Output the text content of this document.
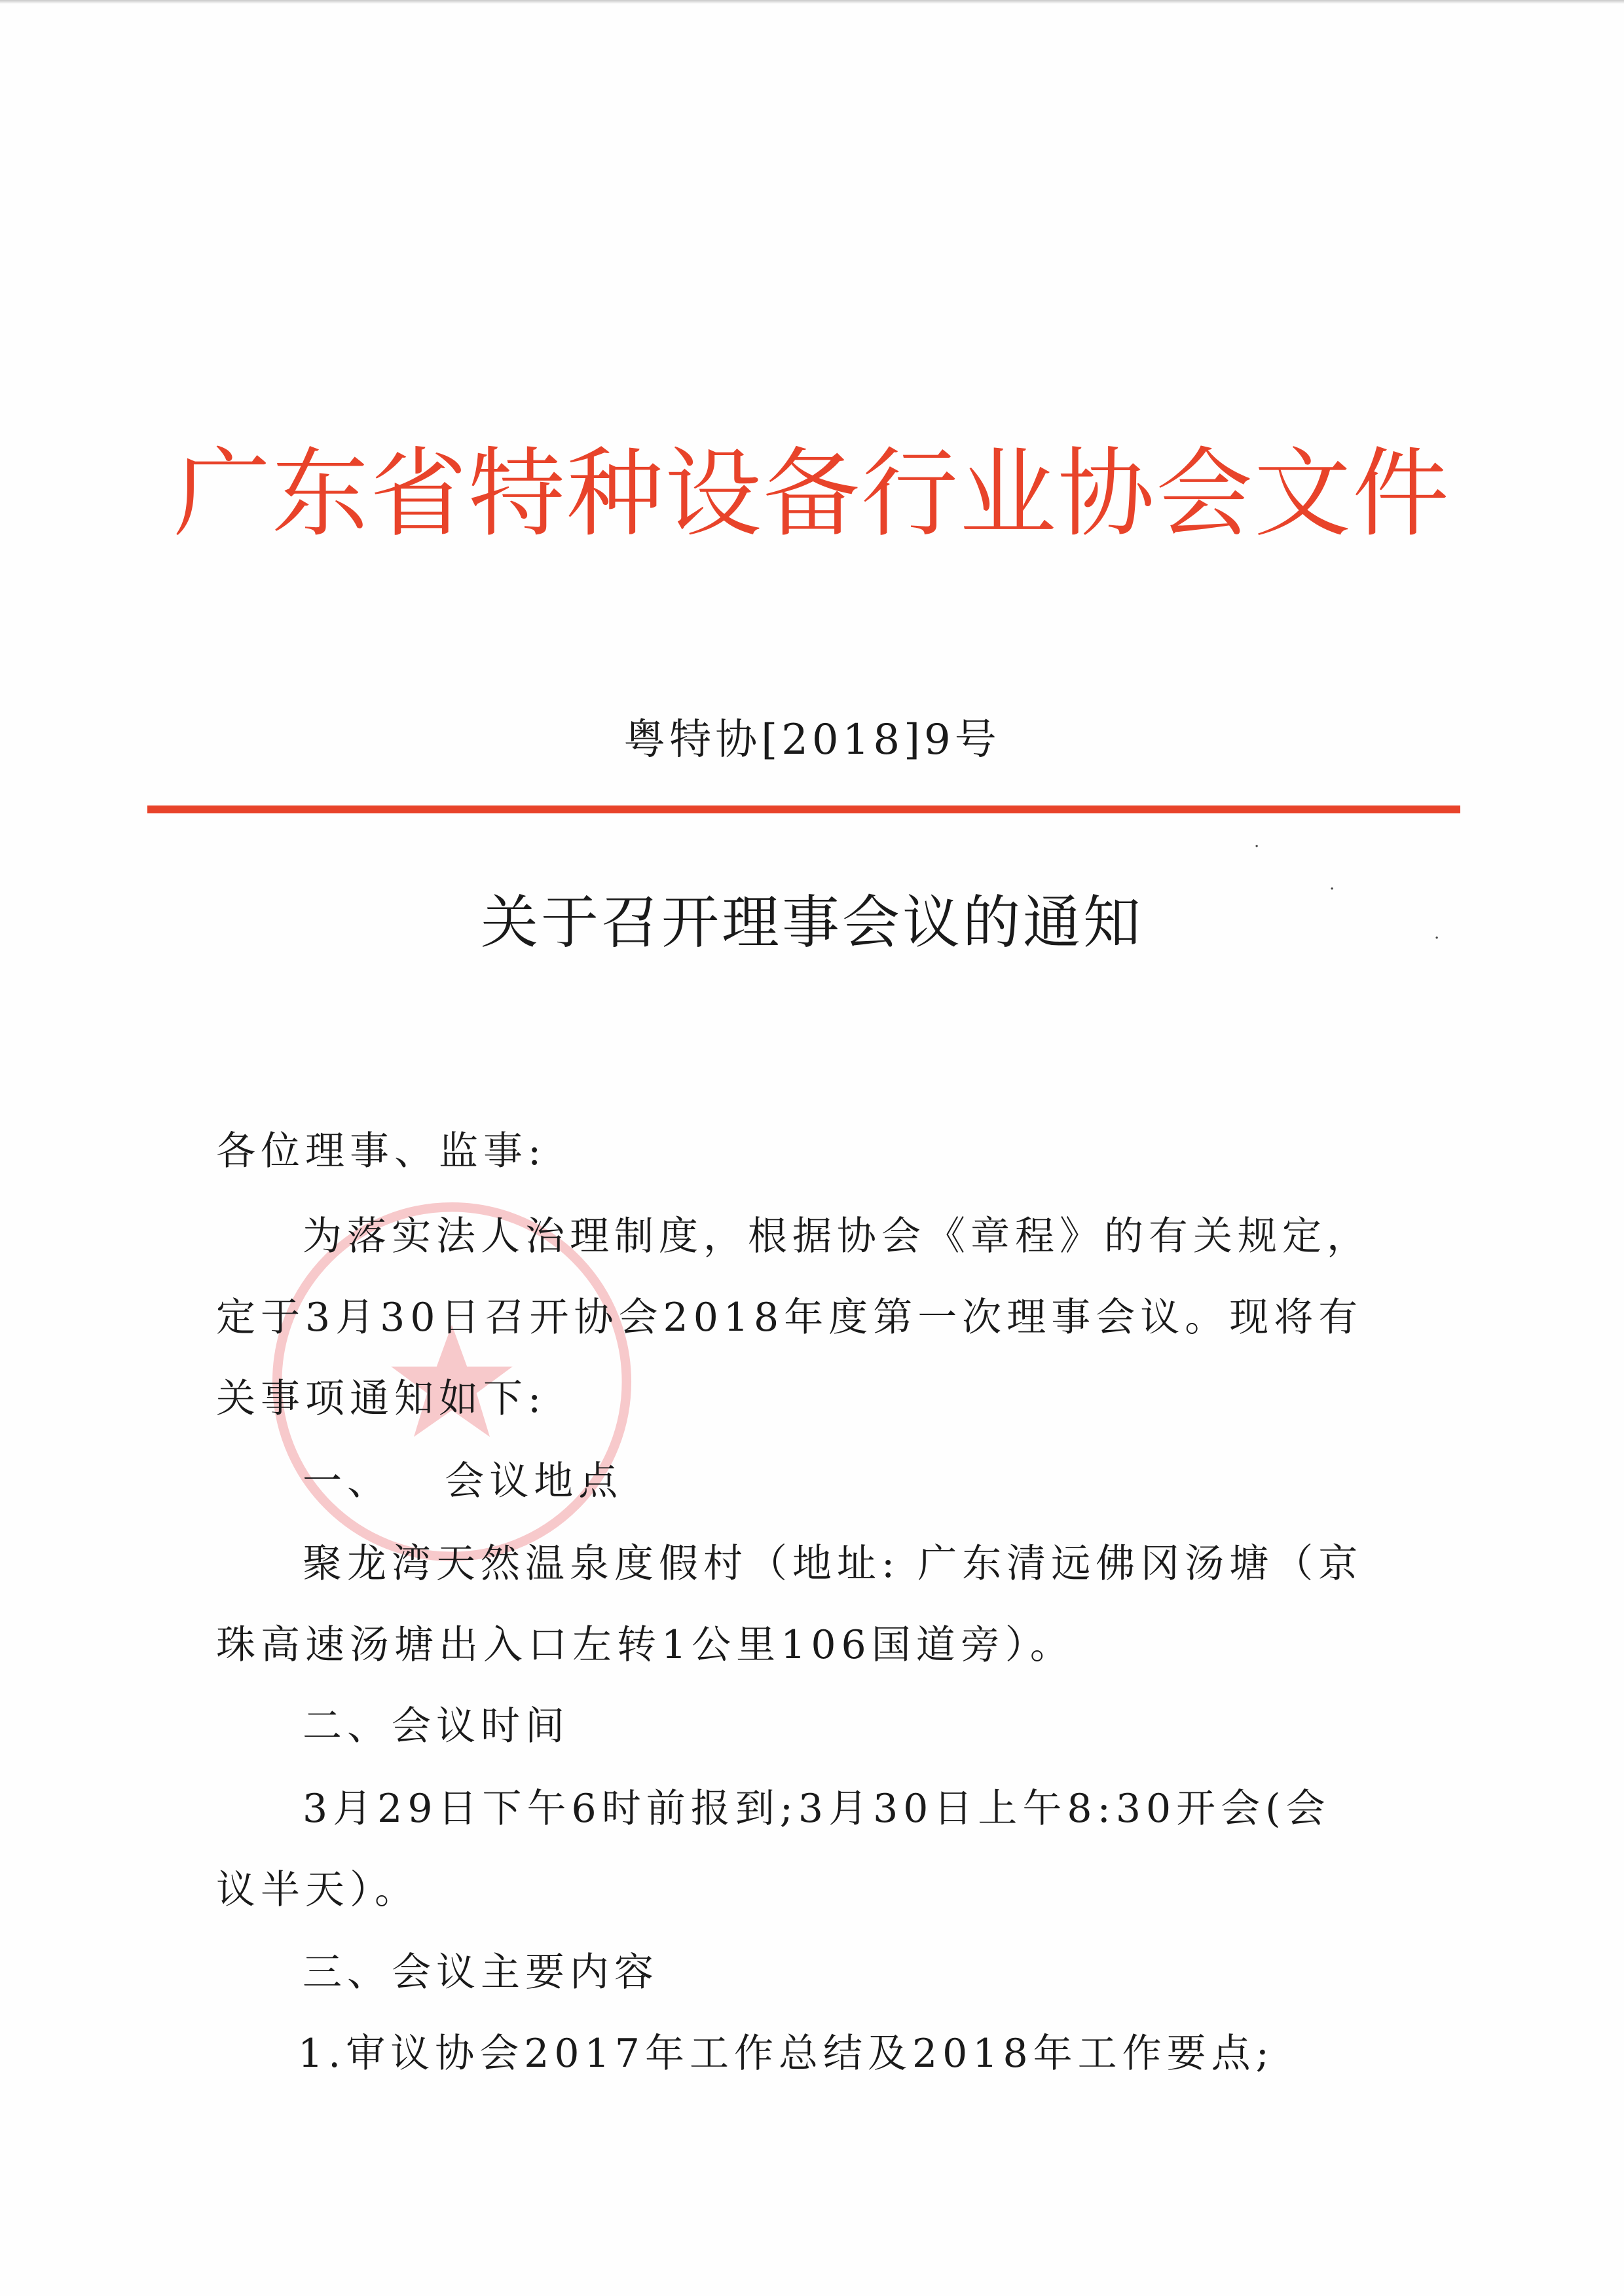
广东省特种设备行业协会文件
粤特协[2018]9号
关于召开理事会议的通知
各位理事、监事:
为落实法人治理制度，根据协会《章程》的有关规定，
定于3月30日召开协会2018年度第一次理事会议。现将有
关事项通知如下:
一、   会议地点
聚龙湾天然温泉度假村（地址: 广东清远佛冈汤塘（京
珠高速汤塘出入口左转1公里106国道旁）。
二、会议时间
3月29日下午6时前报到;3月30日上午8:30开会(会
议半天）。
三、会议主要内容
1.审议协会2017年工作总结及2018年工作要点;
·
·
·
